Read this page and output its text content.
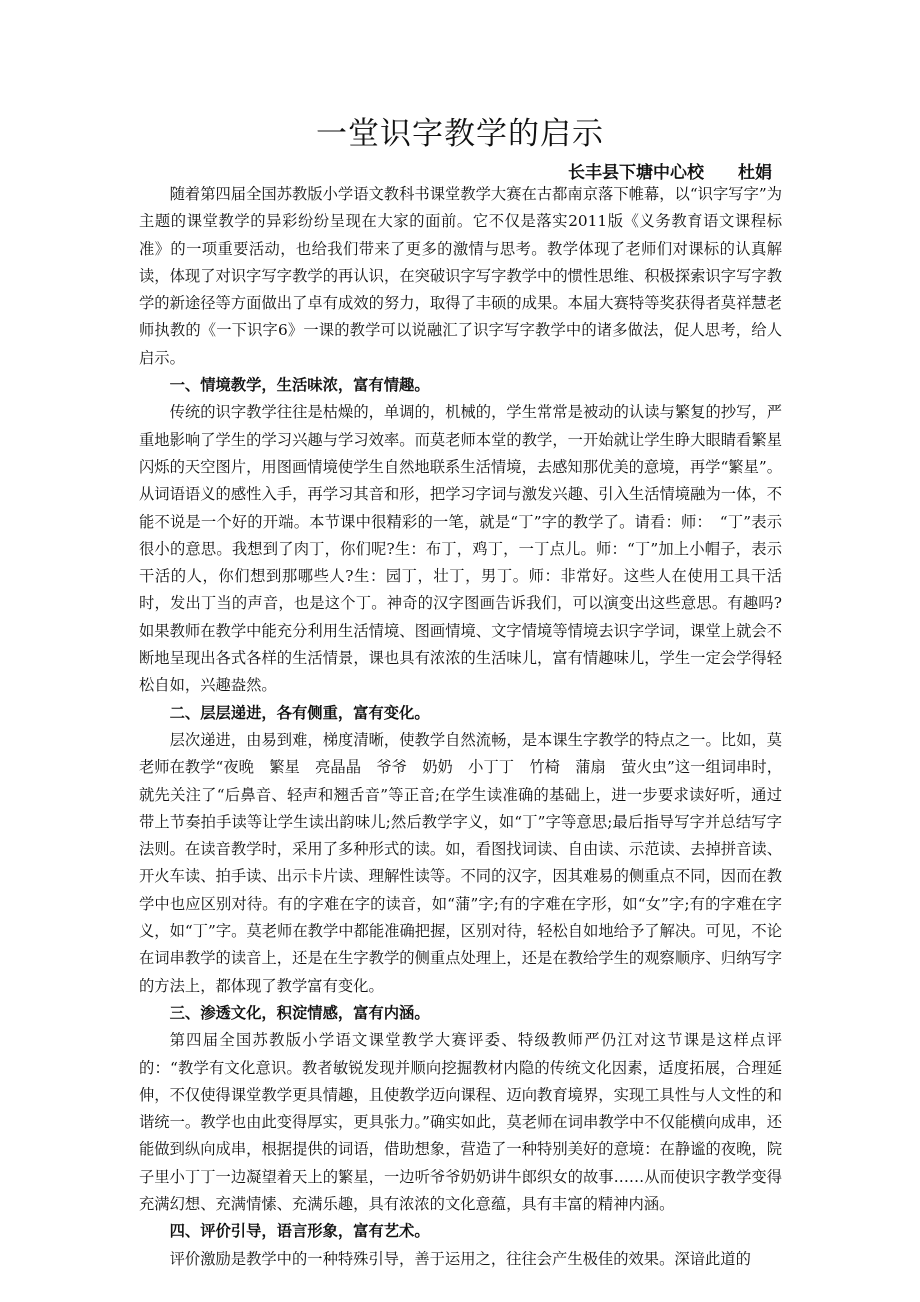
一堂识字教学的启示
长丰县下塘中心校 杜娟

随着第四届全国苏教版小学语文教科书课堂教学大赛在古都南京落下帷幕，以“识字写字”为主题的课堂教学的异彩纷纷呈现在大家的面前。它不仅是落实2011版《义务教育语文课程标准》的一项重要活动，也给我们带来了更多的激情与思考。教学体现了老师们对课标的认真解读，体现了对识字写字教学的再认识，在突破识字写字教学中的惯性思维、积极探索识字写字教学的新途径等方面做出了卓有成效的努力，取得了丰硕的成果。本届大赛特等奖获得者莫祥慧老师执教的《一下识字6》一课的教学可以说融汇了识字写字教学中的诸多做法，促人思考，给人启示。

一、情境教学，生活味浓，富有情趣。

传统的识字教学往往是枯燥的，单调的，机械的，学生常常是被动的认读与繁复的抄写，严重地影响了学生的学习兴趣与学习效率。而莫老师本堂的教学，一开始就让学生睁大眼睛看繁星闪烁的天空图片，用图画情境使学生自然地联系生活情境，去感知那优美的意境，再学“繁星”。从词语语义的感性入手，再学习其音和形，把学习字词与激发兴趣、引入生活情境融为一体，不能不说是一个好的开端。本节课中很精彩的一笔，就是“丁”字的教学了。请看：师：　“丁”表示很小的意思。我想到了肉丁，你们呢?生：布丁，鸡丁，一丁点儿。师：“丁”加上小帽子，表示干活的人，你们想到那哪些人?生：园丁，壮丁，男丁。师：非常好。这些人在使用工具干活时，发出丁当的声音，也是这个丁。神奇的汉字图画告诉我们，可以演变出这些意思。有趣吗?如果教师在教学中能充分利用生活情境、图画情境、文字情境等情境去识字学词，课堂上就会不断地呈现出各式各样的生活情景，课也具有浓浓的生活味儿，富有情趣味儿，学生一定会学得轻松自如，兴趣盎然。

二、层层递进，各有侧重，富有变化。

层次递进，由易到难，梯度清晰，使教学自然流畅，是本课生字教学的特点之一。比如，莫老师在教学“夜晚　繁星　亮晶晶　爷爷　奶奶　小丁丁　竹椅　蒲扇　萤火虫”这一组词串时，就先关注了“后鼻音、轻声和翘舌音”等正音;在学生读准确的基础上，进一步要求读好听，通过带上节奏拍手读等让学生读出韵味儿;然后教学字义，如“丁”字等意思;最后指导写字并总结写字法则。在读音教学时，采用了多种形式的读。如，看图找词读、自由读、示范读、去掉拼音读、开火车读、拍手读、出示卡片读、理解性读等。不同的汉字，因其难易的侧重点不同，因而在教学中也应区别对待。有的字难在字的读音，如“蒲”字;有的字难在字形，如“女”字;有的字难在字义，如“丁”字。莫老师在教学中都能准确把握，区别对待，轻松自如地给予了解决。可见，不论在词串教学的读音上，还是在生字教学的侧重点处理上，还是在教给学生的观察顺序、归纳写字的方法上，都体现了教学富有变化。

三、渗透文化，积淀情感，富有内涵。

第四届全国苏教版小学语文课堂教学大赛评委、特级教师严仍江对这节课是这样点评的：“教学有文化意识。教者敏锐发现并顺向挖掘教材内隐的传统文化因素，适度拓展，合理延伸，不仅使得课堂教学更具情趣，且使教学迈向课程、迈向教育境界，实现工具性与人文性的和谐统一。教学也由此变得厚实，更具张力。”确实如此，莫老师在词串教学中不仅能横向成串，还能做到纵向成串，根据提供的词语，借助想象，营造了一种特别美好的意境：在静谧的夜晚，院子里小丁丁一边凝望着天上的繁星，一边听爷爷奶奶讲牛郎织女的故事……从而使识字教学变得充满幻想、充满情愫、充满乐趣，具有浓浓的文化意蕴，具有丰富的精神内涵。

四、评价引导，语言形象，富有艺术。

评价激励是教学中的一种特殊引导，善于运用之，往往会产生极佳的效果。深谙此道的
